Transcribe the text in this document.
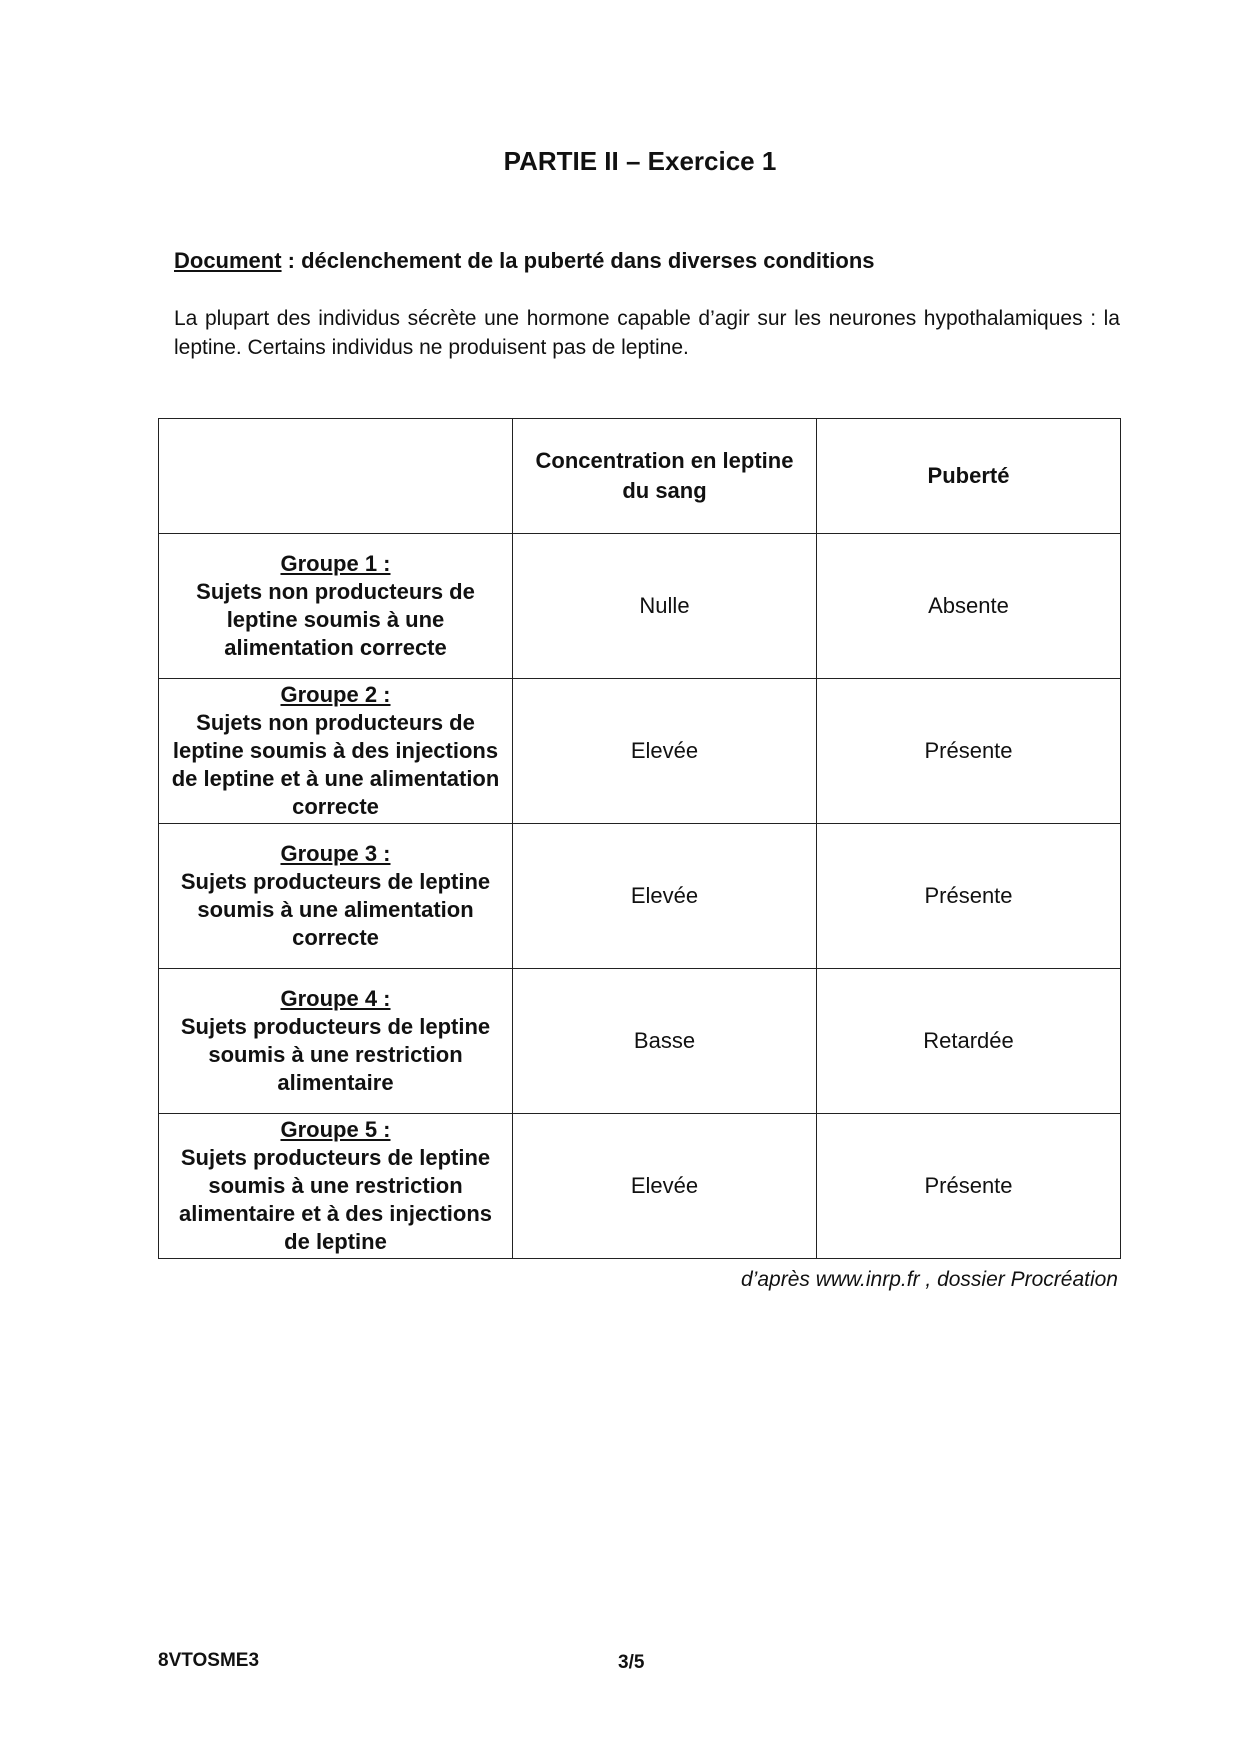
PARTIE II – Exercice 1
Document : déclenchement de la puberté dans diverses conditions
La plupart des individus sécrète une hormone capable d’agir sur les neurones hypothalamiques : la leptine. Certains individus ne produisent pas de leptine.
	Concentration en leptine du sang	Puberté

Groupe 1 :
Sujets non producteurs de leptine soumis à une alimentation correcte	Nulle	Absente

Groupe 2 :
Sujets non producteurs de leptine soumis à des injections de leptine et à une alimentation correcte	Elevée	Présente

Groupe 3 :
Sujets producteurs de leptine soumis à une alimentation correcte	Elevée	Présente

Groupe 4 :
Sujets producteurs de leptine soumis à une restriction alimentaire	Basse	Retardée

Groupe 5 :
Sujets producteurs de leptine soumis à une restriction alimentaire et à des injections de leptine	Elevée	Présente
d’après www.inrp.fr , dossier Procréation
8VTOSME3	3/5
